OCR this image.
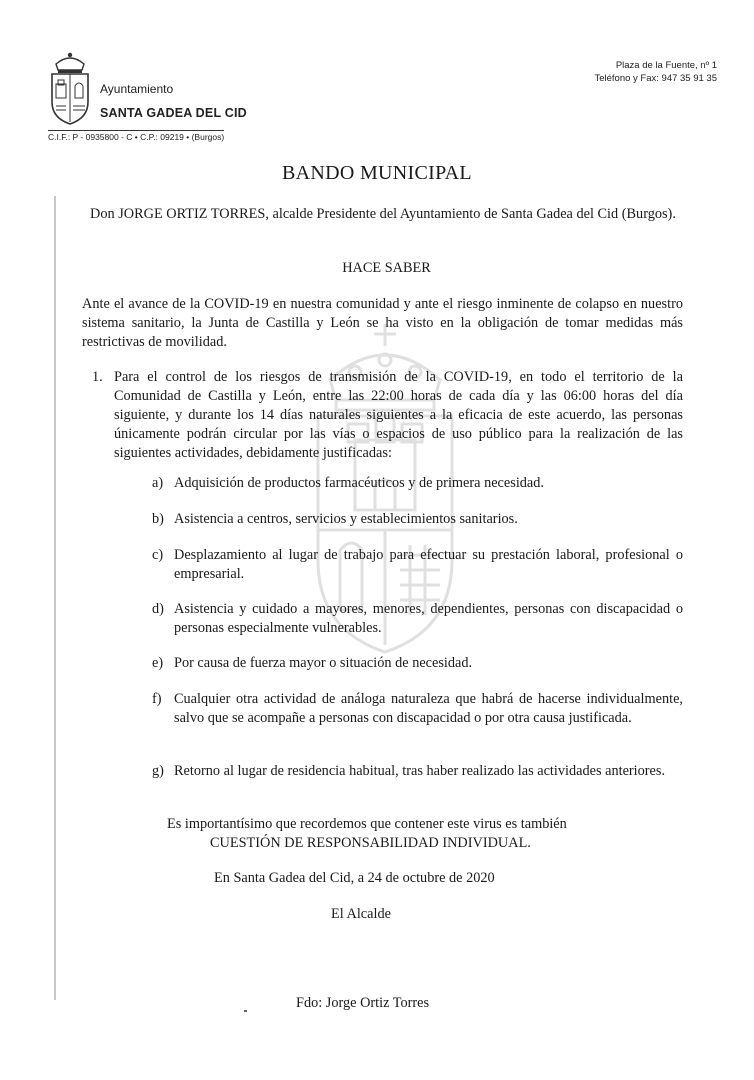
Ayuntamiento
SANTA GADEA DEL CID
C.I.F.: P - 0935800 - C • C.P.: 09219 • (Burgos)
Plaza de la Fuente, nº 1
Teléfono y Fax: 947 35 91 35
BANDO MUNICIPAL
Don JORGE ORTIZ TORRES, alcalde Presidente del Ayuntamiento de Santa Gadea del Cid (Burgos).
HACE SABER
Ante el avance de la COVID-19 en nuestra comunidad y ante el riesgo inminente de colapso en nuestro sistema sanitario, la Junta de Castilla y León se ha visto en la obligación de tomar medidas más restrictivas de movilidad.
1. Para el control de los riesgos de transmisión de la COVID-19, en todo el territorio de la Comunidad de Castilla y León, entre las 22:00 horas de cada día y las 06:00 horas del día siguiente, y durante los 14 días naturales siguientes a la eficacia de este acuerdo, las personas únicamente podrán circular por las vías o espacios de uso público para la realización de las siguientes actividades, debidamente justificadas:
a) Adquisición de productos farmacéuticos y de primera necesidad.
b) Asistencia a centros, servicios y establecimientos sanitarios.
c) Desplazamiento al lugar de trabajo para efectuar su prestación laboral, profesional o empresarial.
d) Asistencia y cuidado a mayores, menores, dependientes, personas con discapacidad o personas especialmente vulnerables.
e) Por causa de fuerza mayor o situación de necesidad.
f) Cualquier otra actividad de análoga naturaleza que habrá de hacerse individualmente, salvo que se acompañe a personas con discapacidad o por otra causa justificada.
g) Retorno al lugar de residencia habitual, tras haber realizado las actividades anteriores.
Es importantísimo que recordemos que contener este virus es también
CUESTIÓN DE RESPONSABILIDAD INDIVIDUAL.
En Santa Gadea del Cid, a 24 de octubre de 2020
El Alcalde
Fdo: Jorge Ortiz Torres
